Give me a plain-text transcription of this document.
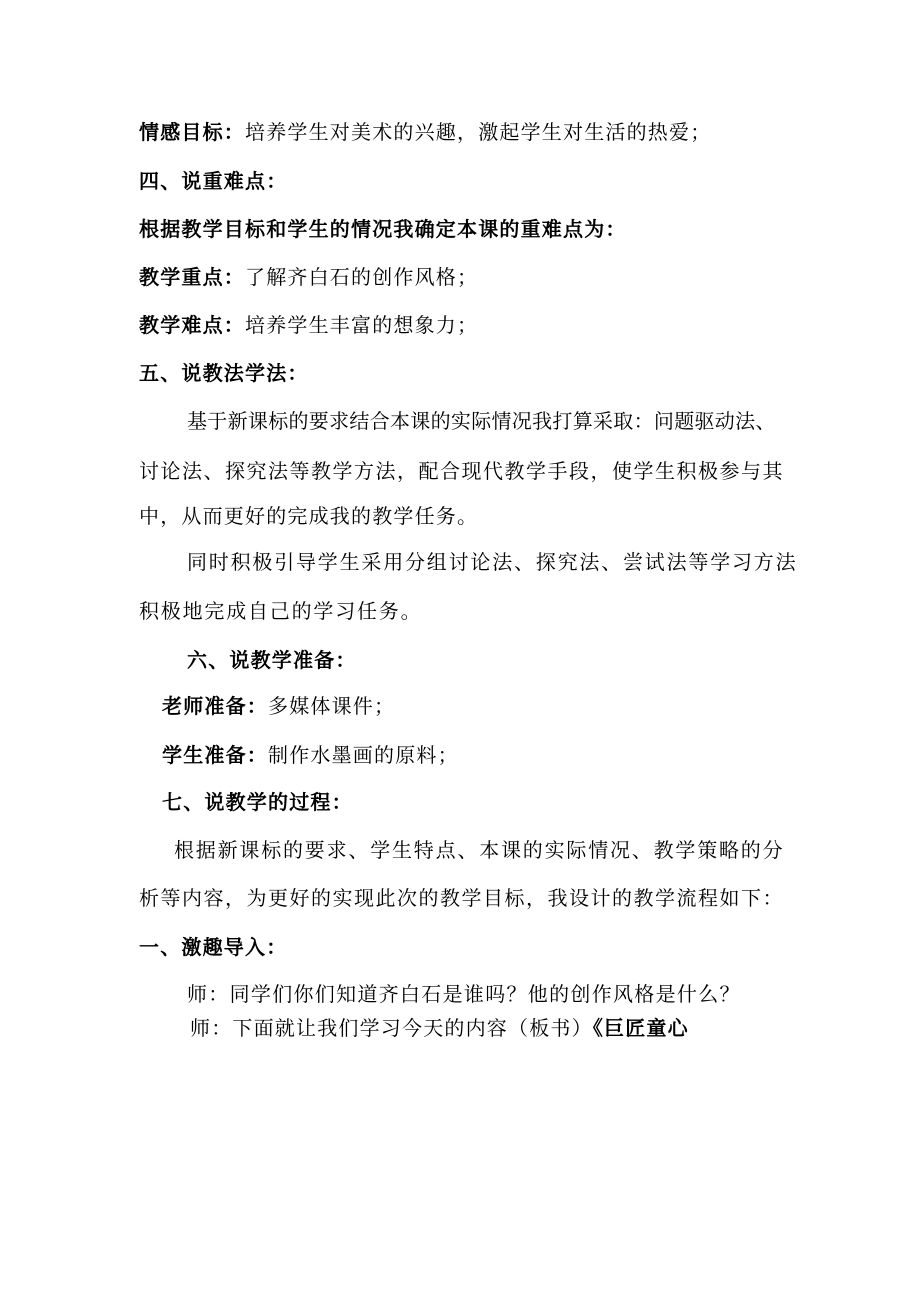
情感目标：培养学生对美术的兴趣，激起学生对生活的热爱；
四、说重难点：
根据教学目标和学生的情况我确定本课的重难点为：
教学重点：了解齐白石的创作风格；
教学难点：培养学生丰富的想象力；
五、说教法学法：
基于新课标的要求结合本课的实际情况我打算采取：问题驱动法、
讨论法、探究法等教学方法，配合现代教学手段，使学生积极参与其
中，从而更好的完成我的教学任务。
同时积极引导学生采用分组讨论法、探究法、尝试法等学习方法
积极地完成自己的学习任务。
六、说教学准备：
老师准备：多媒体课件；
学生准备：制作水墨画的原料；
七、说教学的过程：
根据新课标的要求、学生特点、本课的实际情况、教学策略的分
析等内容，为更好的实现此次的教学目标，我设计的教学流程如下：
一、激趣导入：
师：同学们你们知道齐白石是谁吗？他的创作风格是什么？
师：下面就让我们学习今天的内容（板书）《巨匠童心
